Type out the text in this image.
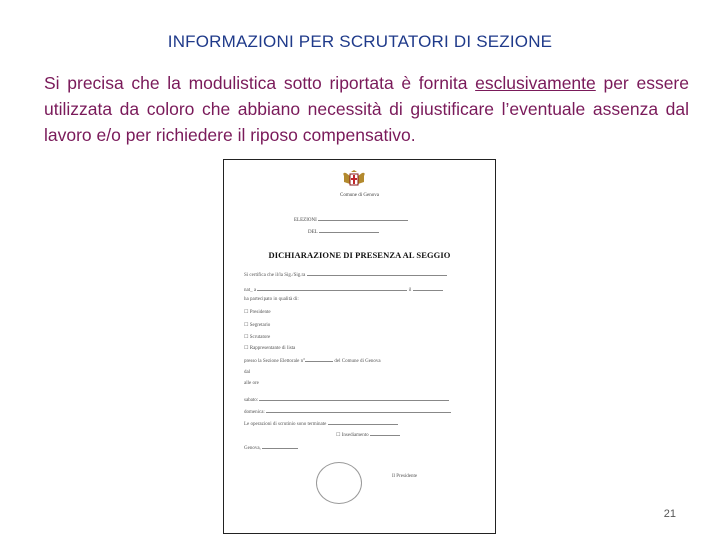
INFORMAZIONI PER SCRUTATORI DI SEZIONE
Si precisa che la modulistica sotto riportata è fornita esclusivamente per essere utilizzata da coloro che abbiano necessità di giustificare l’eventuale assenza dal lavoro e/o per richiedere il riposo compensativo.
Comune di Genova
ELEZIONI
DEL
DICHIARAZIONE DI PRESENZA AL SEGGIO
Si certifica che il/la Sig./Sig.ra
nat_ a	il
ha partecipato in qualità di:
☐ Presidente
☐ Segretario
☐ Scrutatore
☐ Rappresentante di lista
presso la Sezione Elettorale n°	del Comune di Genova
dal
alle ore
sabato:
domenica:
Le operazioni di scrutinio sono terminate
☐ Insediamento
Genova,
Il Presidente
21
